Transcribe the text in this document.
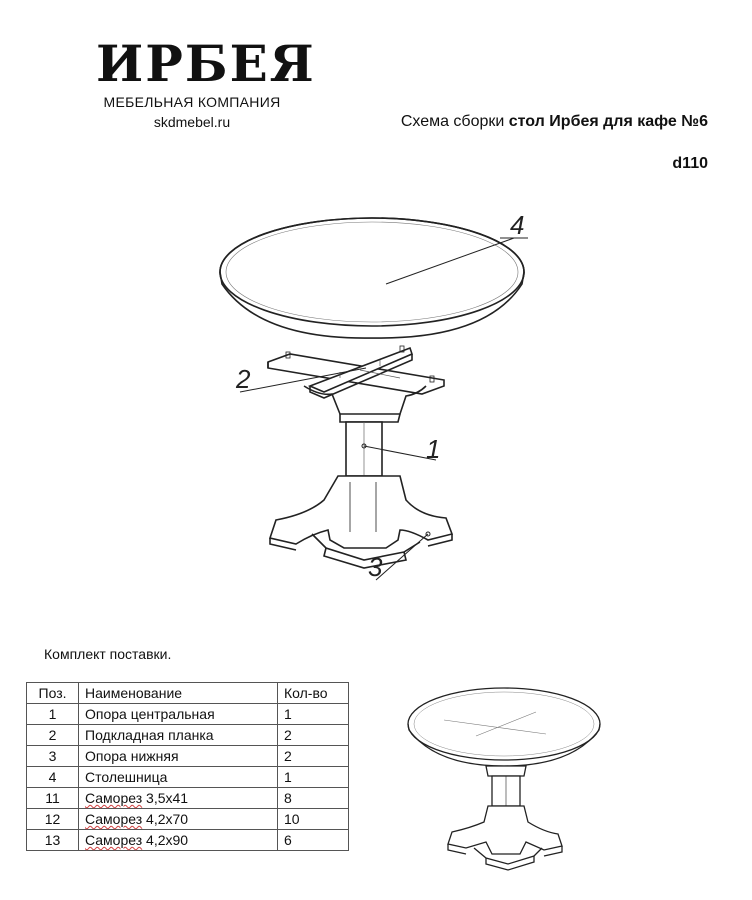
ИРБЕЯ
МЕБЕЛЬНАЯ КОМПАНИЯ
skdmebel.ru	Схема сборки стол Ирбея для кафе №6
d110
4
2
1
3
Комплект поставки.
Поз.	Наименование	Кол-во
1	Опора центральная	1
2	Подкладная планка	2
3	Опора нижняя	2
4	Столешница	1
11	Саморез 3,5х41	8
12	Саморез 4,2х70	10
13	Саморез 4,2х90	6
